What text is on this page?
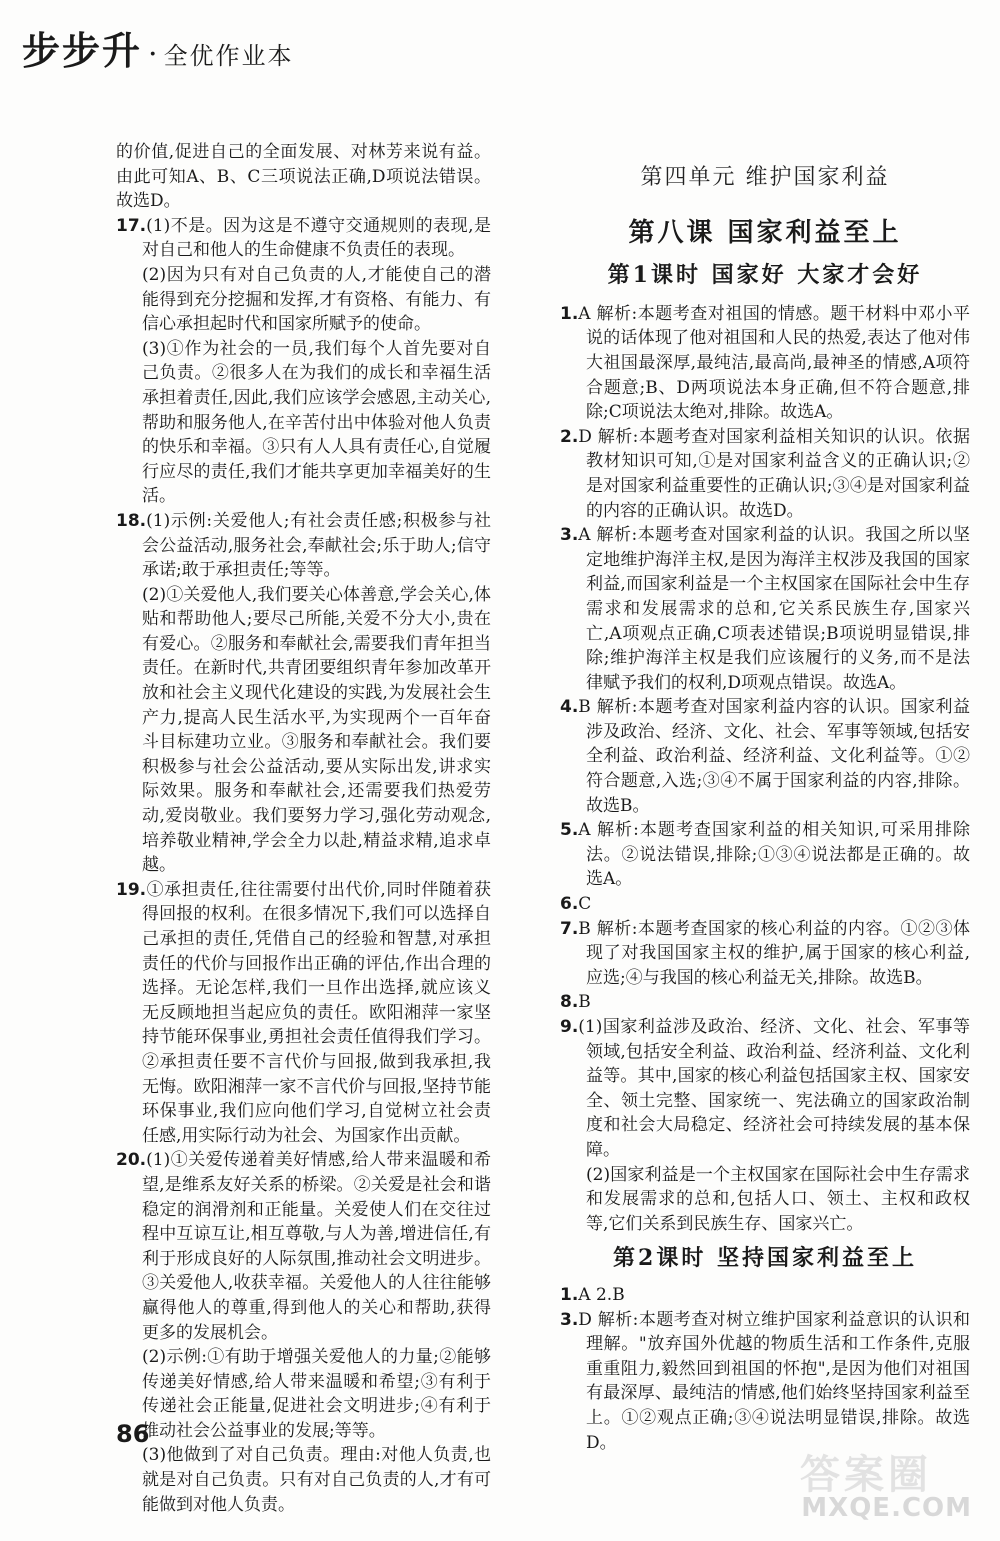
步步升 · 全优作业本

的价值,促进自己的全面发展、对林芳来说有益。由此可知A、B、C三项说法正确,D项说法错误。故选D。

17.(1)不是。因为这是不遵守交通规则的表现,是对自己和他人的生命健康不负责任的表现。

(2)因为只有对自己负责的人,才能使自己的潜能得到充分挖掘和发挥,才有资格、有能力、有信心承担起时代和国家所赋予的使命。

(3)①作为社会的一员,我们每个人首先要对自己负责。②很多人在为我们的成长和幸福生活承担着责任,因此,我们应该学会感恩,主动关心,帮助和服务他人,在辛苦付出中体验对他人负责的快乐和幸福。③只有人人具有责任心,自觉履行应尽的责任,我们才能共享更加幸福美好的生活。

18.(1)示例:关爱他人;有社会责任感;积极参与社会公益活动,服务社会,奉献社会;乐于助人;信守承诺;敢于承担责任;等等。

(2)①关爱他人,我们要关心体善意,学会关心,体贴和帮助他人;要尽己所能,关爱不分大小,贵在有爱心。②服务和奉献社会,需要我们青年担当责任。在新时代,共青团要组织青年参加改革开放和社会主义现代化建设的实践,为发展社会生产力,提高人民生活水平,为实现两个一百年奋斗目标建功立业。③服务和奉献社会。我们要积极参与社会公益活动,要从实际出发,讲求实际效果。服务和奉献社会,还需要我们热爱劳动,爱岗敬业。我们要努力学习,强化劳动观念,培养敬业精神,学会全力以赴,精益求精,追求卓越。

19.①承担责任,往往需要付出代价,同时伴随着获得回报的权利。在很多情况下,我们可以选择自己承担的责任,凭借自己的经验和智慧,对承担责任的代价与回报作出正确的评估,作出合理的选择。无论怎样,我们一旦作出选择,就应该义无反顾地担当起应负的责任。欧阳湘萍一家坚持节能环保事业,勇担社会责任值得我们学习。②承担责任要不言代价与回报,做到我承担,我无悔。欧阳湘萍一家不言代价与回报,坚持节能环保事业,我们应向他们学习,自觉树立社会责任感,用实际行动为社会、为国家作出贡献。

20.(1)①关爱传递着美好情感,给人带来温暖和希望,是维系友好关系的桥梁。②关爱是社会和谐稳定的润滑剂和正能量。关爱使人们在交往过程中互谅互让,相互尊敬,与人为善,增进信任,有利于形成良好的人际氛围,推动社会文明进步。③关爱他人,收获幸福。关爱他人的人往往能够赢得他人的尊重,得到他人的关心和帮助,获得更多的发展机会。

(2)示例:①有助于增强关爱他人的力量;②能够传递美好情感,给人带来温暖和希望;③有利于传递社会正能量,促进社会文明进步;④有利于推动社会公益事业的发展;等等。

(3)他做到了对自己负责。理由:对他人负责,也就是对自己负责。只有对自己负责的人,才有可能做到对他人负责。

第四单元 维护国家利益
第八课 国家利益至上
第1课时 国家好 大家才会好

1.A 解析:本题考查对祖国的情感。题干材料中邓小平说的话体现了他对祖国和人民的热爱,表达了他对伟大祖国最深厚,最纯洁,最高尚,最神圣的情感,A项符合题意;B、D两项说法本身正确,但不符合题意,排除;C项说法太绝对,排除。故选A。

2.D 解析:本题考查对国家利益相关知识的认识。依据教材知识可知,①是对国家利益含义的正确认识;②是对国家利益重要性的正确认识;③④是对国家利益的内容的正确认识。故选D。

3.A 解析:本题考查对国家利益的认识。我国之所以坚定地维护海洋主权,是因为海洋主权涉及我国的国家利益,而国家利益是一个主权国家在国际社会中生存需求和发展需求的总和,它关系民族生存,国家兴亡,A项观点正确,C项表述错误;B项说明显错误,排除;维护海洋主权是我们应该履行的义务,而不是法律赋予我们的权利,D项观点错误。故选A。

4.B 解析:本题考查对国家利益内容的认识。国家利益涉及政治、经济、文化、社会、军事等领域,包括安全利益、政治利益、经济利益、文化利益等。①②符合题意,入选;③④不属于国家利益的内容,排除。故选B。

5.A 解析:本题考查国家利益的相关知识,可采用排除法。②说法错误,排除;①③④说法都是正确的。故选A。

6.C

7.B 解析:本题考查国家的核心利益的内容。①②③体现了对我国国家主权的维护,属于国家的核心利益,应选;④与我国的核心利益无关,排除。故选B。

8.B

9.(1)国家利益涉及政治、经济、文化、社会、军事等领域,包括安全利益、政治利益、经济利益、文化利益等。其中,国家的核心利益包括国家主权、国家安全、领土完整、国家统一、宪法确立的国家政治制度和社会大局稳定、经济社会可持续发展的基本保障。

(2)国家利益是一个主权国家在国际社会中生存需求和发展需求的总和,包括人口、领土、主权和政权等,它们关系到民族生存、国家兴亡。

第2课时 坚持国家利益至上

1.A 2.B

3.D 解析:本题考查对树立维护国家利益意识的认识和理解。"放弃国外优越的物质生活和工作条件,克服重重阻力,毅然回到祖国的怀抱",是因为他们对祖国有最深厚、最纯洁的情感,他们始终坚持国家利益至上。①②观点正确;③④说法明显错误,排除。故选D。

86
答案圈
MXQE.COM
